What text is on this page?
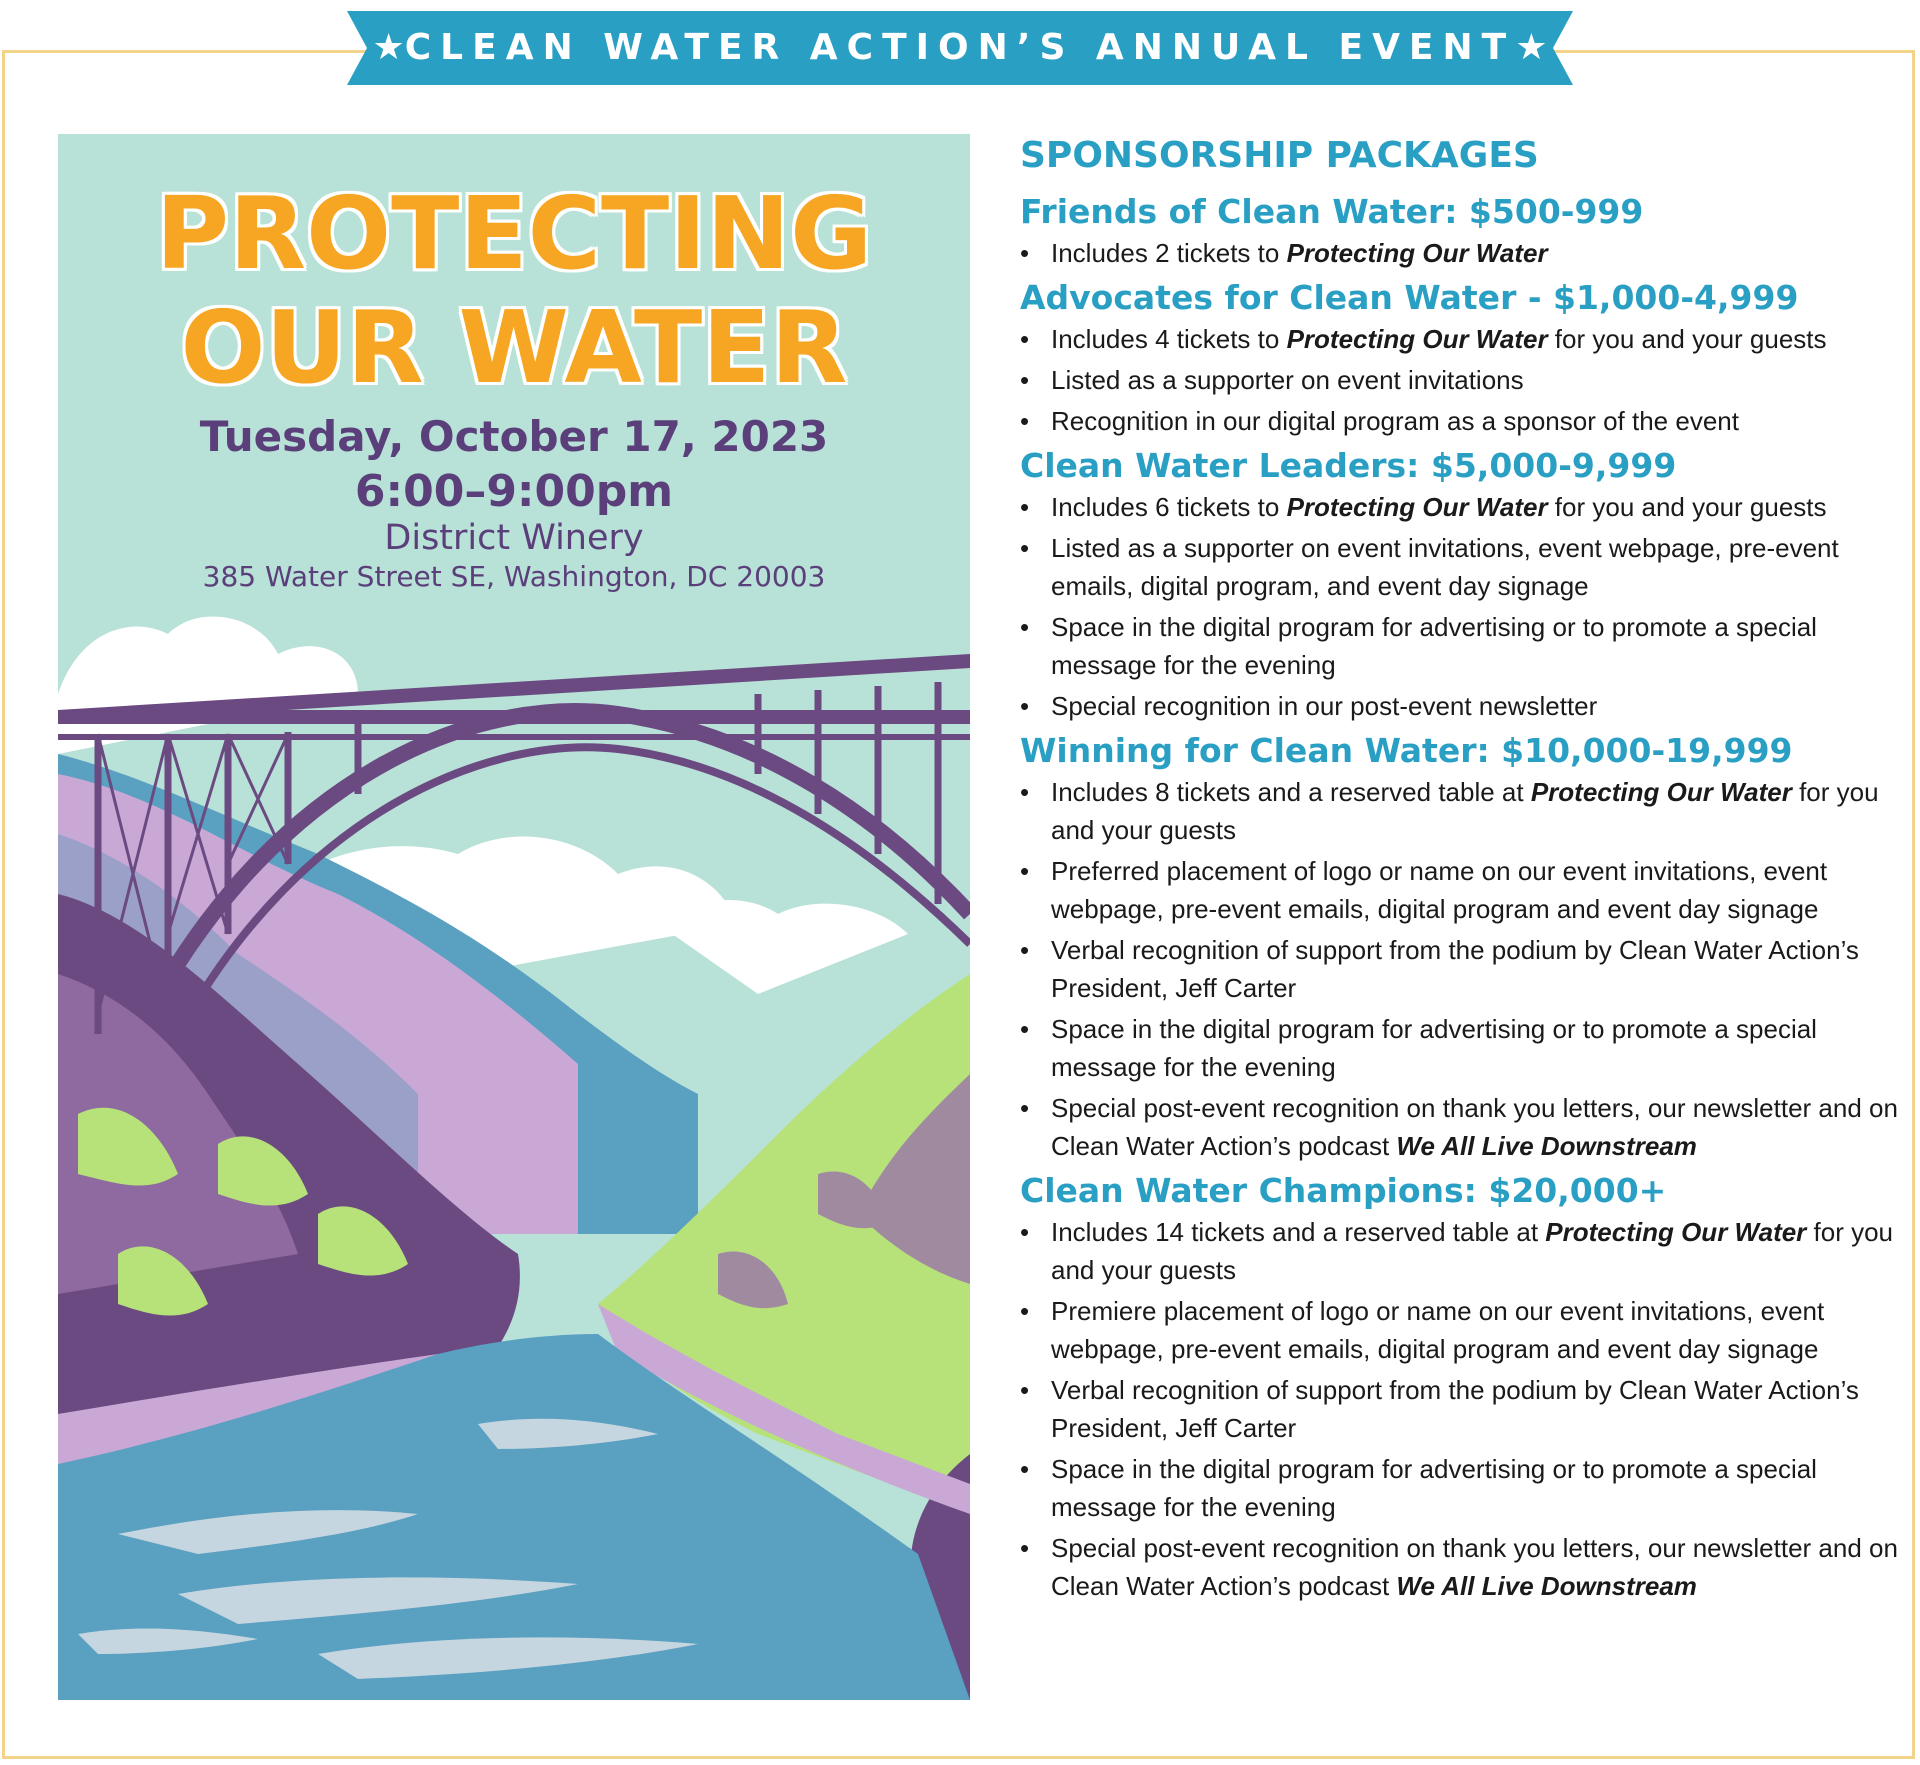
★CLEAN WATER ACTION’S ANNUAL EVENT★
PROTECTING
OUR WATER
Tuesday, October 17, 2023
6:00–9:00pm
District Winery
385 Water Street SE, Washington, DC 20003
SPONSORSHIP PACKAGES
Friends of Clean Water: $500-999
• Includes 2 tickets to Protecting Our Water
Advocates for Clean Water - $1,000-4,999
• Includes 4 tickets to Protecting Our Water for you and your guests
• Listed as a supporter on event invitations
• Recognition in our digital program as a sponsor of the event
Clean Water Leaders: $5,000-9,999
• Includes 6 tickets to Protecting Our Water for you and your guests
• Listed as a supporter on event invitations, event webpage, pre-event emails, digital program, and event day signage
• Space in the digital program for advertising or to promote a special message for the evening
• Special recognition in our post-event newsletter
Winning for Clean Water: $10,000-19,999
• Includes 8 tickets and a reserved table at Protecting Our Water for you and your guests
• Preferred placement of logo or name on our event invitations, event webpage, pre-event emails, digital program and event day signage
• Verbal recognition of support from the podium by Clean Water Action’s President, Jeff Carter
• Space in the digital program for advertising or to promote a special message for the evening
• Special post-event recognition on thank you letters, our newsletter and on Clean Water Action’s podcast We All Live Downstream
Clean Water Champions: $20,000+
• Includes 14 tickets and a reserved table at Protecting Our Water for you and your guests
• Premiere placement of logo or name on our event invitations, event webpage, pre-event emails, digital program and event day signage
• Verbal recognition of support from the podium by Clean Water Action’s President, Jeff Carter
• Space in the digital program for advertising or to promote a special message for the evening
• Special post-event recognition on thank you letters, our newsletter and on Clean Water Action’s podcast We All Live Downstream
